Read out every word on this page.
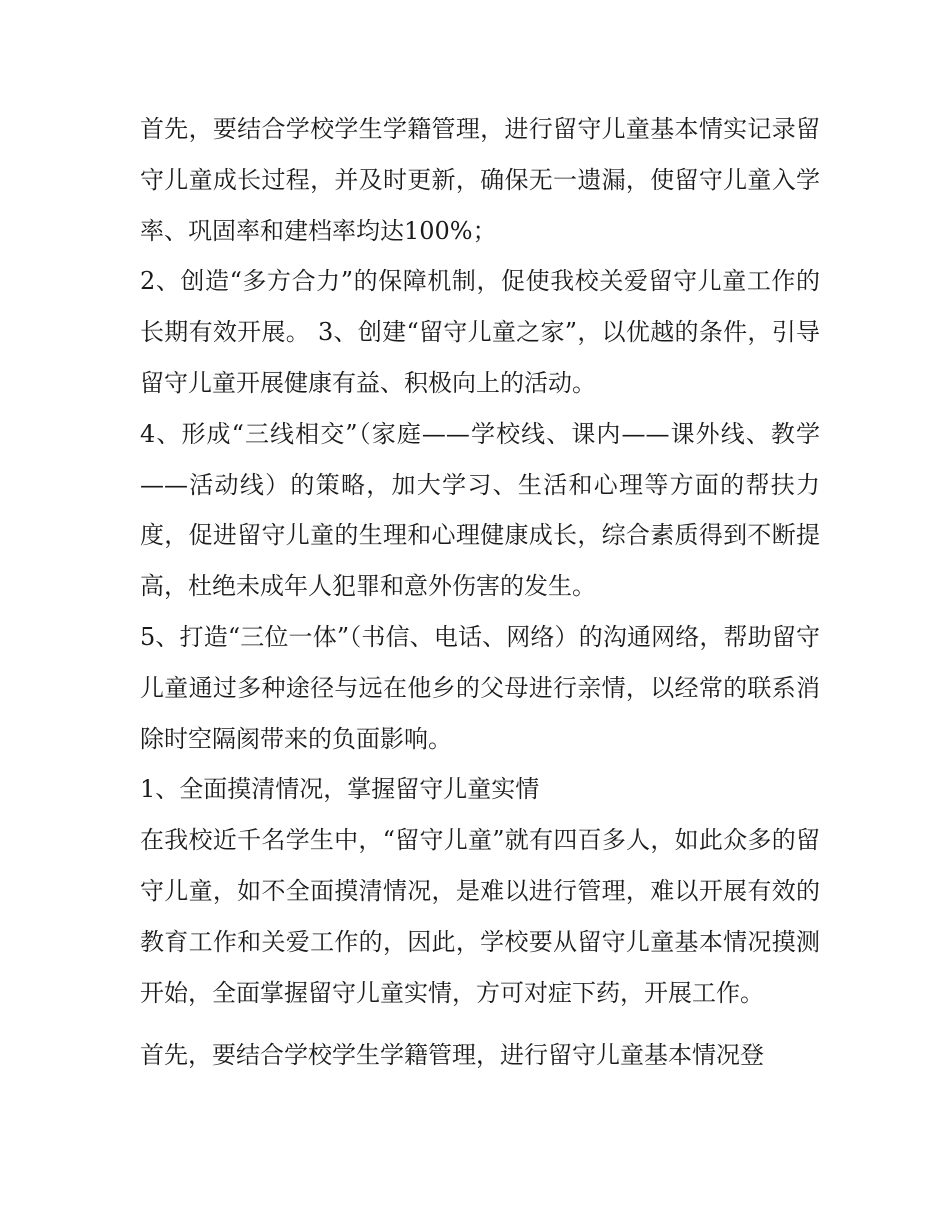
首先，要结合学校学生学籍管理，进行留守儿童基本情实记录留守儿童成长过程，并及时更新，确保无一遗漏，使留守儿童入学率、巩固率和建档率均达100%；

2、创造“多方合力”的保障机制，促使我校关爱留守儿童工作的长期有效开展。 3、创建“留守儿童之家”，以优越的条件，引导留守儿童开展健康有益、积极向上的活动。

4、形成“三线相交”（家庭——学校线、课内——课外线、教学——活动线）的策略，加大学习、生活和心理等方面的帮扶力度，促进留守儿童的生理和心理健康成长，综合素质得到不断提高，杜绝未成年人犯罪和意外伤害的发生。

5、打造“三位一体”（书信、电话、网络）的沟通网络，帮助留守儿童通过多种途径与远在他乡的父母进行亲情，以经常的联系消除时空隔阂带来的负面影响。

1、全面摸清情况，掌握留守儿童实情

在我校近千名学生中，“留守儿童”就有四百多人，如此众多的留守儿童，如不全面摸清情况，是难以进行管理，难以开展有效的教育工作和关爱工作的，因此，学校要从留守儿童基本情况摸测开始，全面掌握留守儿童实情，方可对症下药，开展工作。

首先，要结合学校学生学籍管理，进行留守儿童基本情况登
